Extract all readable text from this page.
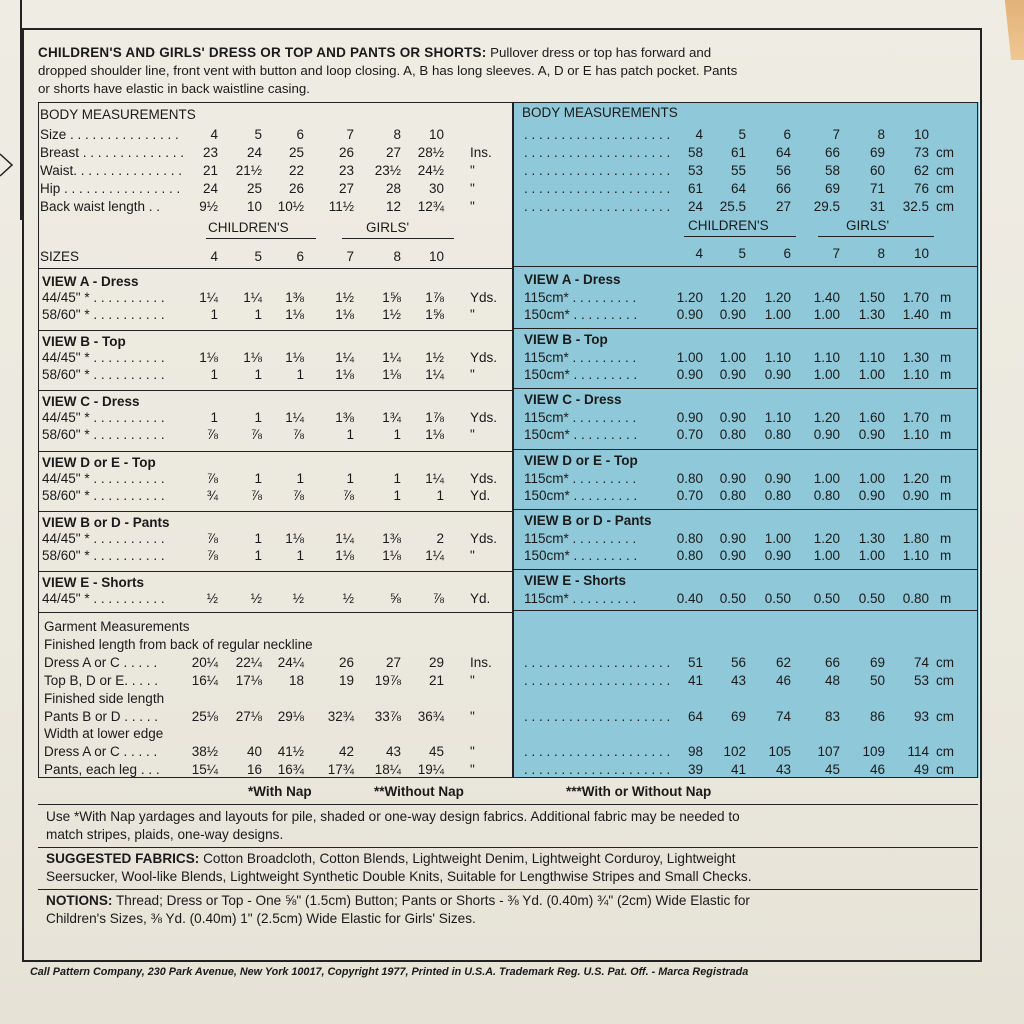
CHILDREN'S AND GIRLS' DRESS OR TOP AND PANTS OR SHORTS: Pullover dress or top has forward and
dropped shoulder line, front vent with button and loop closing. A, B has long sleeves. A, D or E has patch pocket. Pants
or shorts have elastic in back waistline casing.
BODY MEASUREMENTS
Size . . . . . . . . . . . . . . .	4	5	6	7	8	10
Breast . . . . . . . . . . . . . .	23	24	25	26	27	28½ Ins.
Waist. . . . . . . . . . . . . . .	21	21½	22	23	23½	24½ "
Hip . . . . . . . . . . . . . . . .	24	25	26	27	28	30 "
Back waist length . .	9½	10	10½	11½	12	12¾ "
BODY MEASUREMENTS
. . . . . . . . . . . . . . . . . . . .	4	5	6	7	8	10
. . . . . . . . . . . . . . . . . . . .	58	61	64	66	69	73 cm
. . . . . . . . . . . . . . . . . . . .	53	55	56	58	60	62 cm
. . . . . . . . . . . . . . . . . . . .	61	64	66	69	71	76 cm
. . . . . . . . . . . . . . . . . . . .	24	25.5	27	29.5	31	32.5 cm
CHILDREN'S	GIRLS'	CHILDREN'S	GIRLS'
SIZES	4	5	6	7	8	10	4	5	6	7	8	10
VIEW A - Dress	VIEW A - Dress
44/45" * . . . . . . . . . .	1¼	1¼	1⅜	1½	1⅝	1⅞ Yds. 115cm* . . . . . . . . .	1.20	1.20	1.20	1.40	1.50	1.70 m
58/60" * . . . . . . . . . .	1	1	1⅛	1⅛	1½	1⅝ "	150cm* . . . . . . . . .	0.90	0.90	1.00	1.00	1.30	1.40 m
VIEW B - Top	VIEW B - Top
44/45" * . . . . . . . . . .	1⅛	1⅛	1⅛	1¼	1¼	1½ Yds. 115cm* . . . . . . . . .	1.00	1.00	1.10	1.10	1.10	1.30 m
58/60" * . . . . . . . . . .	1	1	1	1⅛	1⅛	1¼ "	150cm* . . . . . . . . .	0.90	0.90	0.90	1.00	1.00	1.10 m
VIEW C - Dress	VIEW C - Dress
44/45" * . . . . . . . . . .	1	1	1¼	1⅜	1¾	1⅞ Yds. 115cm* . . . . . . . . .	0.90	0.90	1.10	1.20	1.60	1.70 m
58/60" * . . . . . . . . . .	⅞	⅞	⅞	1	1	1⅛ "	150cm* . . . . . . . . .	0.70	0.80	0.80	0.90	0.90	1.10 m
VIEW D or E - Top	VIEW D or E - Top
44/45" * . . . . . . . . . .	⅞	1	1	1	1	1¼ Yds. 115cm* . . . . . . . . .	0.80	0.90	0.90	1.00	1.00	1.20 m
58/60" * . . . . . . . . . .	¾	⅞	⅞	⅞	1	1 Yd. 150cm* . . . . . . . . .	0.70	0.80	0.80	0.80	0.90	0.90 m
VIEW B or D - Pants	VIEW B or D - Pants
44/45" * . . . . . . . . . .	⅞	1	1⅛	1¼	1⅜	2 Yds. 115cm* . . . . . . . . .	0.80	0.90	1.00	1.20	1.30	1.80 m
58/60" * . . . . . . . . . .	⅞	1	1	1⅛	1⅛	1¼ "	150cm* . . . . . . . . .	0.80	0.90	0.90	1.00	1.00	1.10 m
VIEW E - Shorts	VIEW E - Shorts
44/45" * . . . . . . . . . .	½	½	½	½	⅝	⅞ Yd. 115cm* . . . . . . . . .	0.40	0.50	0.50	0.50	0.50	0.80 m
Garment Measurements
Finished length from back of regular neckline
Finished side length
Width at lower edge
Dress A or C . . . . .	20¼	22¼	24¼	26	27	29 Ins. . . . . . . . . . . . . . . . . . . . .	51	56	62	66	69	74 cm
Top B, D or E. . . . .	16¼	17⅛	18	19	19⅞	21 "	. . . . . . . . . . . . . . . . . . . .	41	43	46	48	50	53 cm
Pants B or D . . . . .	25⅛	27⅛	29⅛	32¾	33⅞	36¾ "	. . . . . . . . . . . . . . . . . . . .	64	69	74	83	86	93 cm
Dress A or C . . . . .	38½	40	41½	42	43	45 "	. . . . . . . . . . . . . . . . . . . .	98	102	105	107	109	114 cm
Pants, each leg . . .	15¼	16	16¾	17¾	18¼	19¼ "	. . . . . . . . . . . . . . . . . . . .	39	41	43	45	46	49 cm
*With Nap	**Without Nap	***With or Without Nap
Use *With Nap yardages and layouts for pile, shaded or one-way design fabrics. Additional fabric may be needed to
match stripes, plaids, one-way designs.
SUGGESTED FABRICS: Cotton Broadcloth, Cotton Blends, Lightweight Denim, Lightweight Corduroy, Lightweight
Seersucker, Wool-like Blends, Lightweight Synthetic Double Knits, Suitable for Lengthwise Stripes and Small Checks.
NOTIONS: Thread; Dress or Top - One ⅝" (1.5cm) Button; Pants or Shorts - ⅜ Yd. (0.40m) ¾" (2cm) Wide Elastic for
Children's Sizes, ⅜ Yd. (0.40m) 1" (2.5cm) Wide Elastic for Girls' Sizes.
Call Pattern Company, 230 Park Avenue, New York 10017, Copyright 1977, Printed in U.S.A. Trademark Reg. U.S. Pat. Off. - Marca Registrada
